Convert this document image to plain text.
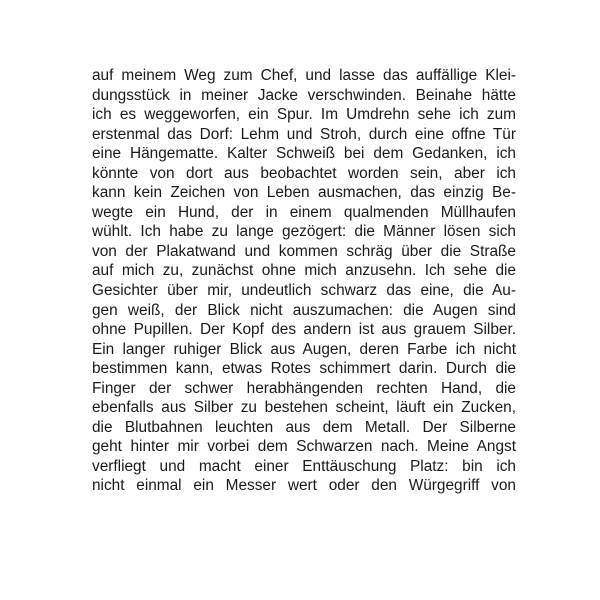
auf meinem Weg zum Chef, und lasse das auffällige Klei-
dungsstück in meiner Jacke verschwinden. Beinahe hätte
ich es weggeworfen, ein Spur. Im Umdrehn sehe ich zum
erstenmal das Dorf: Lehm und Stroh, durch eine offne Tür
eine Hängematte. Kalter Schweiß bei dem Gedanken, ich
könnte von dort aus beobachtet worden sein, aber ich
kann kein Zeichen von Leben ausmachen, das einzig Be-
wegte ein Hund, der in einem qualmenden Müllhaufen
wühlt. Ich habe zu lange gezögert: die Männer lösen sich
von der Plakatwand und kommen schräg über die Straße
auf mich zu, zunächst ohne mich anzusehn. Ich sehe die
Gesichter über mir, undeutlich schwarz das eine, die Au-
gen weiß, der Blick nicht auszumachen: die Augen sind
ohne Pupillen. Der Kopf des andern ist aus grauem Silber.
Ein langer ruhiger Blick aus Augen, deren Farbe ich nicht
bestimmen kann, etwas Rotes schimmert darin. Durch die
Finger der schwer herabhängenden rechten Hand, die
ebenfalls aus Silber zu bestehen scheint, läuft ein Zucken,
die Blutbahnen leuchten aus dem Metall. Der Silberne
geht hinter mir vorbei dem Schwarzen nach. Meine Angst
verfliegt und macht einer Enttäuschung Platz: bin ich
nicht einmal ein Messer wert oder den Würgegriff von
